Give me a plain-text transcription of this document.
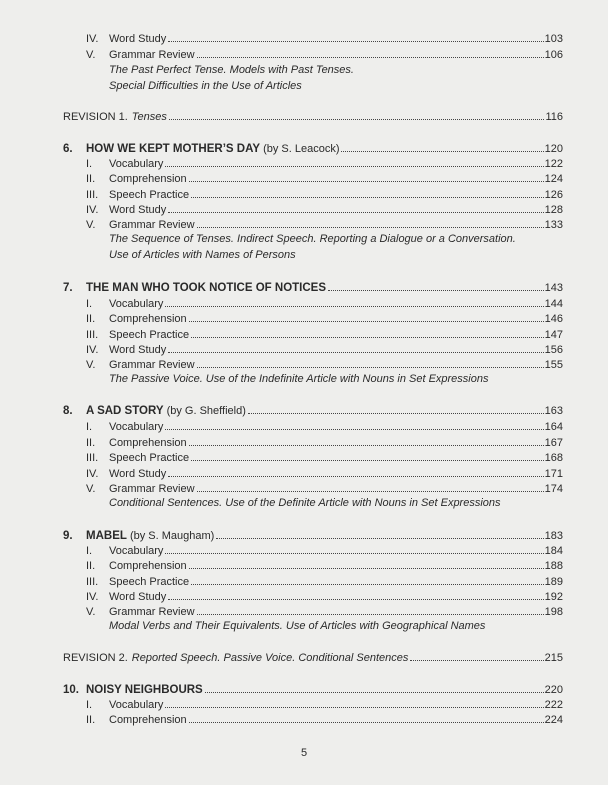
IV. Word Study	103
V.	Grammar Review	106
The Past Perfect Tense. Models with Past Tenses.
Special Difficulties in the Use of Articles
REVISION 1. Tenses	116
6.	HOW WE KEPT MOTHER’S DAY (by S. Leacock)	120
I.	Vocabulary	122
II.	Comprehension	124
III. Speech Practice	126
IV. Word Study	128
V.	Grammar Review	133
The Sequence of Tenses. Indirect Speech. Reporting a Dialogue or a Conversation.
Use of Articles with Names of Persons
7.	THE MAN WHO TOOK NOTICE OF NOTICES	143
I.	Vocabulary	144
II.	Comprehension	146
III. Speech Practice	147
IV. Word Study	156
V.	Grammar Review	155
The Passive Voice. Use of the Indefinite Article with Nouns in Set Expressions
8.	A SAD STORY (by G. Sheffield)	163
I.	Vocabulary	164
II.	Comprehension	167
III. Speech Practice	168
IV. Word Study	171
V.	Grammar Review	174
Conditional Sentences. Use of the Definite Article with Nouns in Set Expressions
9.	MABEL (by S. Maugham)	183
I.	Vocabulary	184
II.	Comprehension	188
III. Speech Practice	189
IV. Word Study	192
V.	Grammar Review	198
Modal Verbs and Their Equivalents. Use of Articles with Geographical Names
REVISION 2. Reported Speech. Passive Voice. Conditional Sentences	215
10. NOISY NEIGHBOURS	220
I.	Vocabulary	222
II.	Comprehension	224
5
